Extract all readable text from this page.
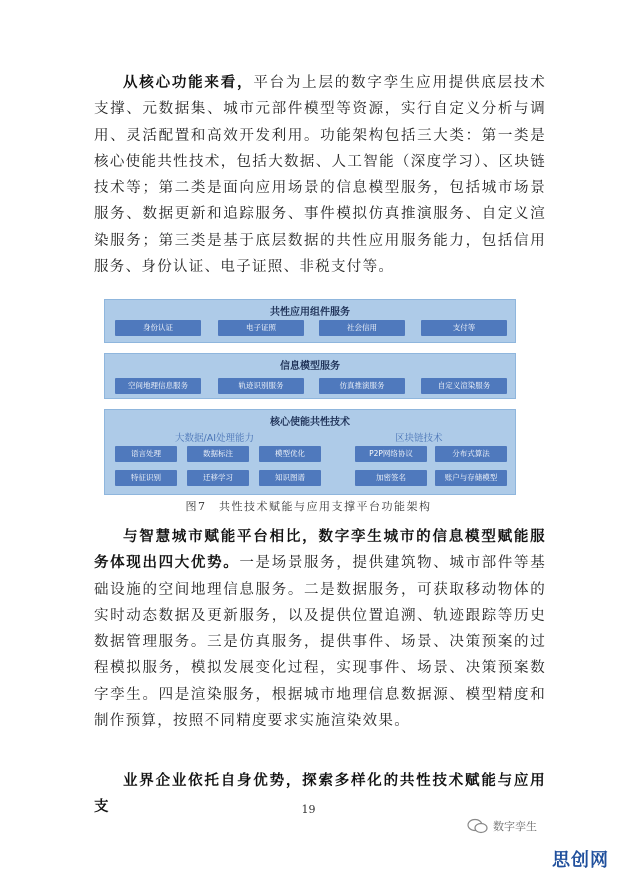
从核心功能来看，平台为上层的数字孪生应用提供底层技术支撑、元数据集、城市元部件模型等资源，实行自定义分析与调用、灵活配置和高效开发利用。功能架构包括三大类：第一类是核心使能共性技术，包括大数据、人工智能（深度学习）、区块链技术等；第二类是面向应用场景的信息模型服务，包括城市场景服务、数据更新和追踪服务、事件模拟仿真推演服务、自定义渲染服务；第三类是基于底层数据的共性应用服务能力，包括信用服务、身份认证、电子证照、非税支付等。

共性应用组件服务
身份认证	电子证照	社会信用	支付等
信息模型服务
空间地理信息服务	轨迹识别服务	仿真推演服务	自定义渲染服务
核心使能共性技术
大数据/AI处理能力	区块链技术
语言处理	数据标注	模型优化
特征识别	迁移学习	知识图谱
P2P网络协议	分布式算法
加密签名	账户与存储模型
图7　共性技术赋能与应用支撑平台功能架构

与智慧城市赋能平台相比，数字孪生城市的信息模型赋能服务体现出四大优势。一是场景服务，提供建筑物、城市部件等基础设施的空间地理信息服务。二是数据服务，可获取移动物体的实时动态数据及更新服务，以及提供位置追溯、轨迹跟踪等历史数据管理服务。三是仿真服务，提供事件、场景、决策预案的过程模拟服务，模拟发展变化过程，实现事件、场景、决策预案数字孪生。四是渲染服务，根据城市地理信息数据源、模型精度和制作预算，按照不同精度要求实施渲染效果。

业界企业依托自身优势，探索多样化的共性技术赋能与应用支	19
数字孪生
思创网
